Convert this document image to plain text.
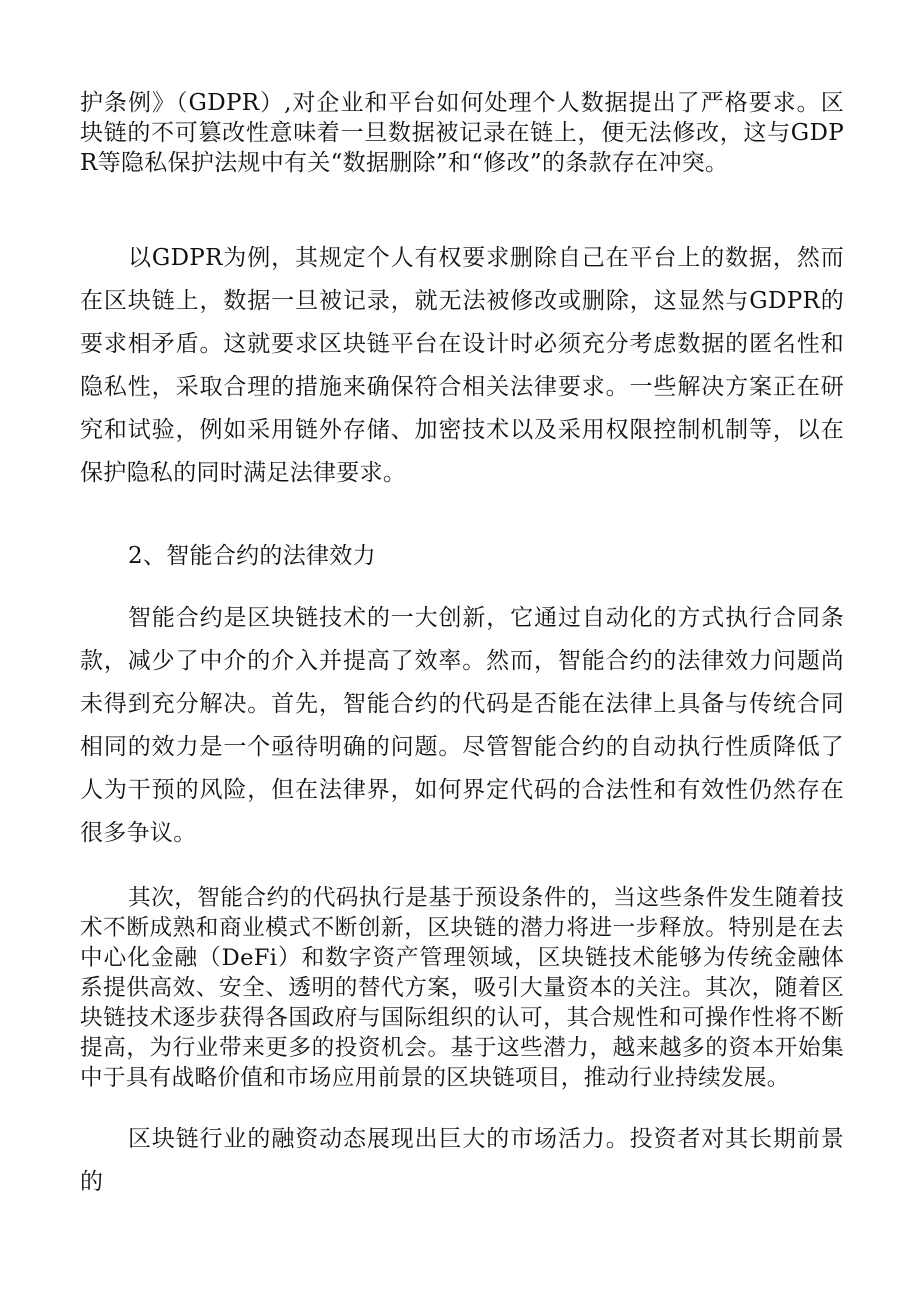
护条例》（GDPR）,对企业和平台如何处理个人数据提出了严格要求。区块链的不可篡改性意味着一旦数据被记录在链上，便无法修改，这与GDPR等隐私保护法规中有关“数据删除”和“修改”的条款存在冲突。

以GDPR为例，其规定个人有权要求删除自己在平台上的数据，然而在区块链上，数据一旦被记录，就无法被修改或删除，这显然与GDPR的要求相矛盾。这就要求区块链平台在设计时必须充分考虑数据的匿名性和隐私性，采取合理的措施来确保符合相关法律要求。一些解决方案正在研究和试验，例如采用链外存储、加密技术以及采用权限控制机制等，以在保护隐私的同时满足法律要求。

2、智能合约的法律效力

智能合约是区块链技术的一大创新，它通过自动化的方式执行合同条款，减少了中介的介入并提高了效率。然而，智能合约的法律效力问题尚未得到充分解决。首先，智能合约的代码是否能在法律上具备与传统合同相同的效力是一个亟待明确的问题。尽管智能合约的自动执行性质降低了人为干预的风险，但在法律界，如何界定代码的合法性和有效性仍然存在很多争议。

其次，智能合约的代码执行是基于预设条件的，当这些条件发生随着技术不断成熟和商业模式不断创新，区块链的潜力将进一步释放。特别是在去中心化金融（DeFi）和数字资产管理领域，区块链技术能够为传统金融体系提供高效、安全、透明的替代方案，吸引大量资本的关注。其次，随着区块链技术逐步获得各国政府与国际组织的认可，其合规性和可操作性将不断提高，为行业带来更多的投资机会。基于这些潜力，越来越多的资本开始集中于具有战略价值和市场应用前景的区块链项目，推动行业持续发展。

区块链行业的融资动态展现出巨大的市场活力。投资者对其长期前景的
